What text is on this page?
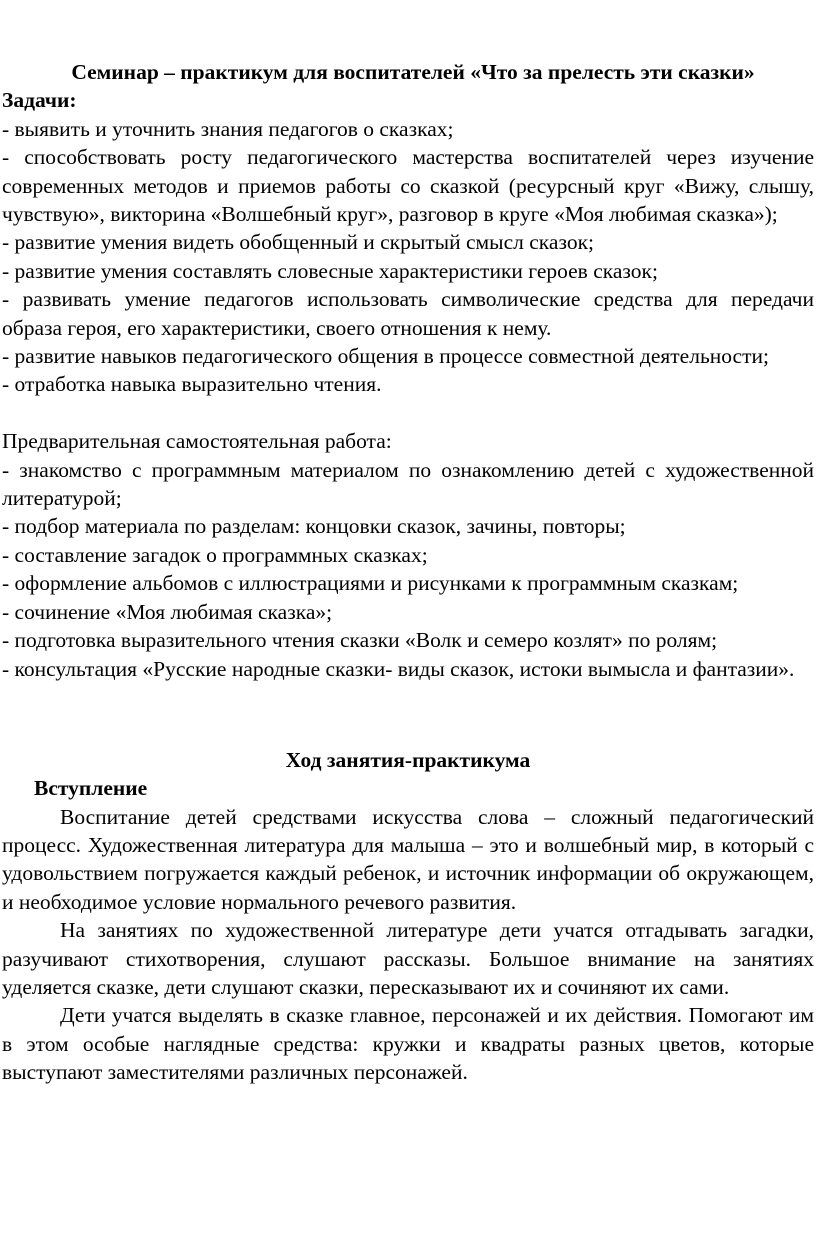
Семинар – практикум для воспитателей «Что за прелесть эти сказки»

Задачи:

- выявить и уточнить знания педагогов о сказках;

- способствовать росту педагогического мастерства воспитателей через изучение современных методов и приемов работы со сказкой (ресурсный круг «Вижу, слышу, чувствую», викторина «Волшебный круг», разговор в круге «Моя любимая сказка»);

- развитие умения видеть обобщенный и скрытый смысл сказок;

- развитие умения составлять словесные характеристики героев сказок;

- развивать умение педагогов использовать символические средства для передачи образа героя, его характеристики, своего отношения к нему.

- развитие навыков педагогического общения в процессе совместной деятельности;

- отработка навыка выразительно чтения.

Предварительная самостоятельная работа:

- знакомство с программным материалом по ознакомлению детей с художественной литературой;

- подбор материала по разделам: концовки сказок, зачины, повторы;

- составление загадок о программных сказках;

- оформление альбомов с иллюстрациями и рисунками к программным сказкам;

- сочинение «Моя любимая сказка»;

- подготовка выразительного чтения сказки «Волк и семеро козлят» по ролям;

- консультация «Русские народные сказки- виды сказок, истоки вымысла и фантазии».

Ход занятия-практикума

Вступление

Воспитание детей средствами искусства слова – сложный педагогический процесс. Художественная литература для малыша – это и волшебный мир, в который с удовольствием погружается каждый ребенок, и источник информации об окружающем, и необходимое условие нормального речевого развития.

На занятиях по художественной литературе дети учатся отгадывать загадки, разучивают стихотворения, слушают рассказы. Большое внимание на занятиях уделяется сказке, дети слушают сказки, пересказывают их и сочиняют их сами.

Дети учатся выделять в сказке главное, персонажей и их действия. Помогают им в этом особые наглядные средства: кружки и квадраты разных цветов, которые выступают заместителями различных персонажей.
